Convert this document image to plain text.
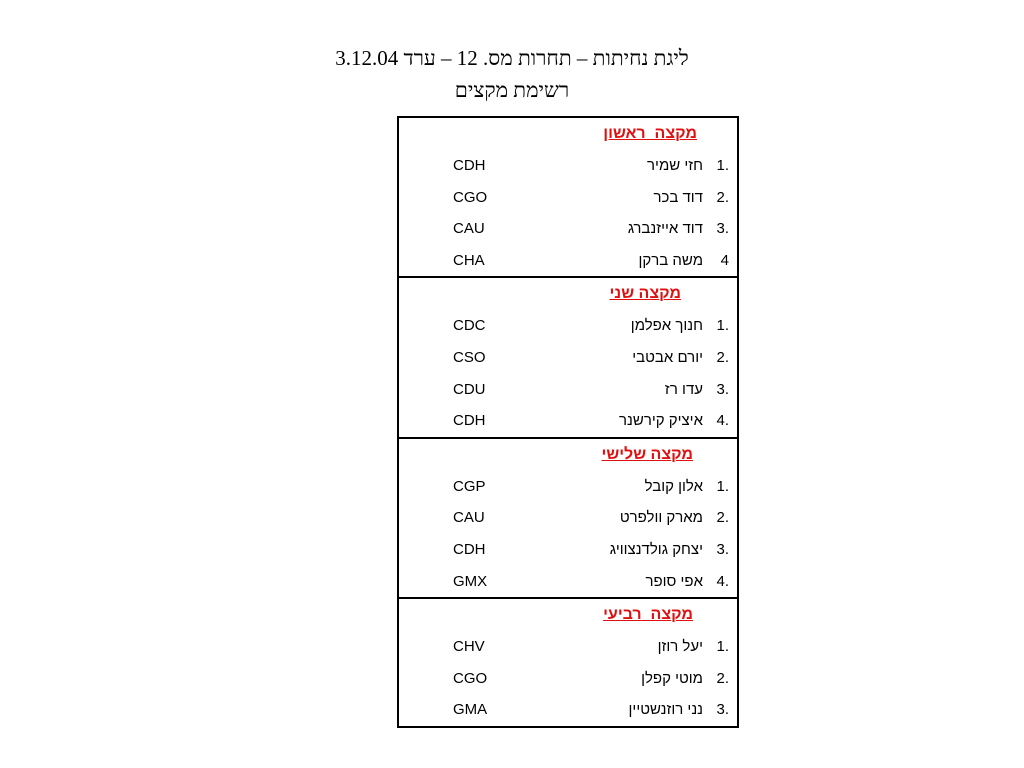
ליגת נחיתות – תחרות מס. 12 – ערד 3.12.04
רשימת מקצים
מקצה  ראשון
1.
חזי שמיר
CDH
2.
דוד בכר
CGO
3.
דוד אייזנברג
CAU
4
משה ברקן
CHA
מקצה שני
1.
חנוך אפלמן
CDC
2.
יורם אבטבי
CSO
3.
עדו רז
CDU
4.
איציק קירשנר
CDH
מקצה שלישי
1.
אלון קובל
CGP
2.
מארק וולפרט
CAU
3.
יצחק גולדנצוויג
CDH
4.
אפי סופר
GMX
מקצה  רביעי
1.
יעל רוזן
CHV
2.
מוטי קפלן
CGO
3.
נני רוזנשטיין
GMA
